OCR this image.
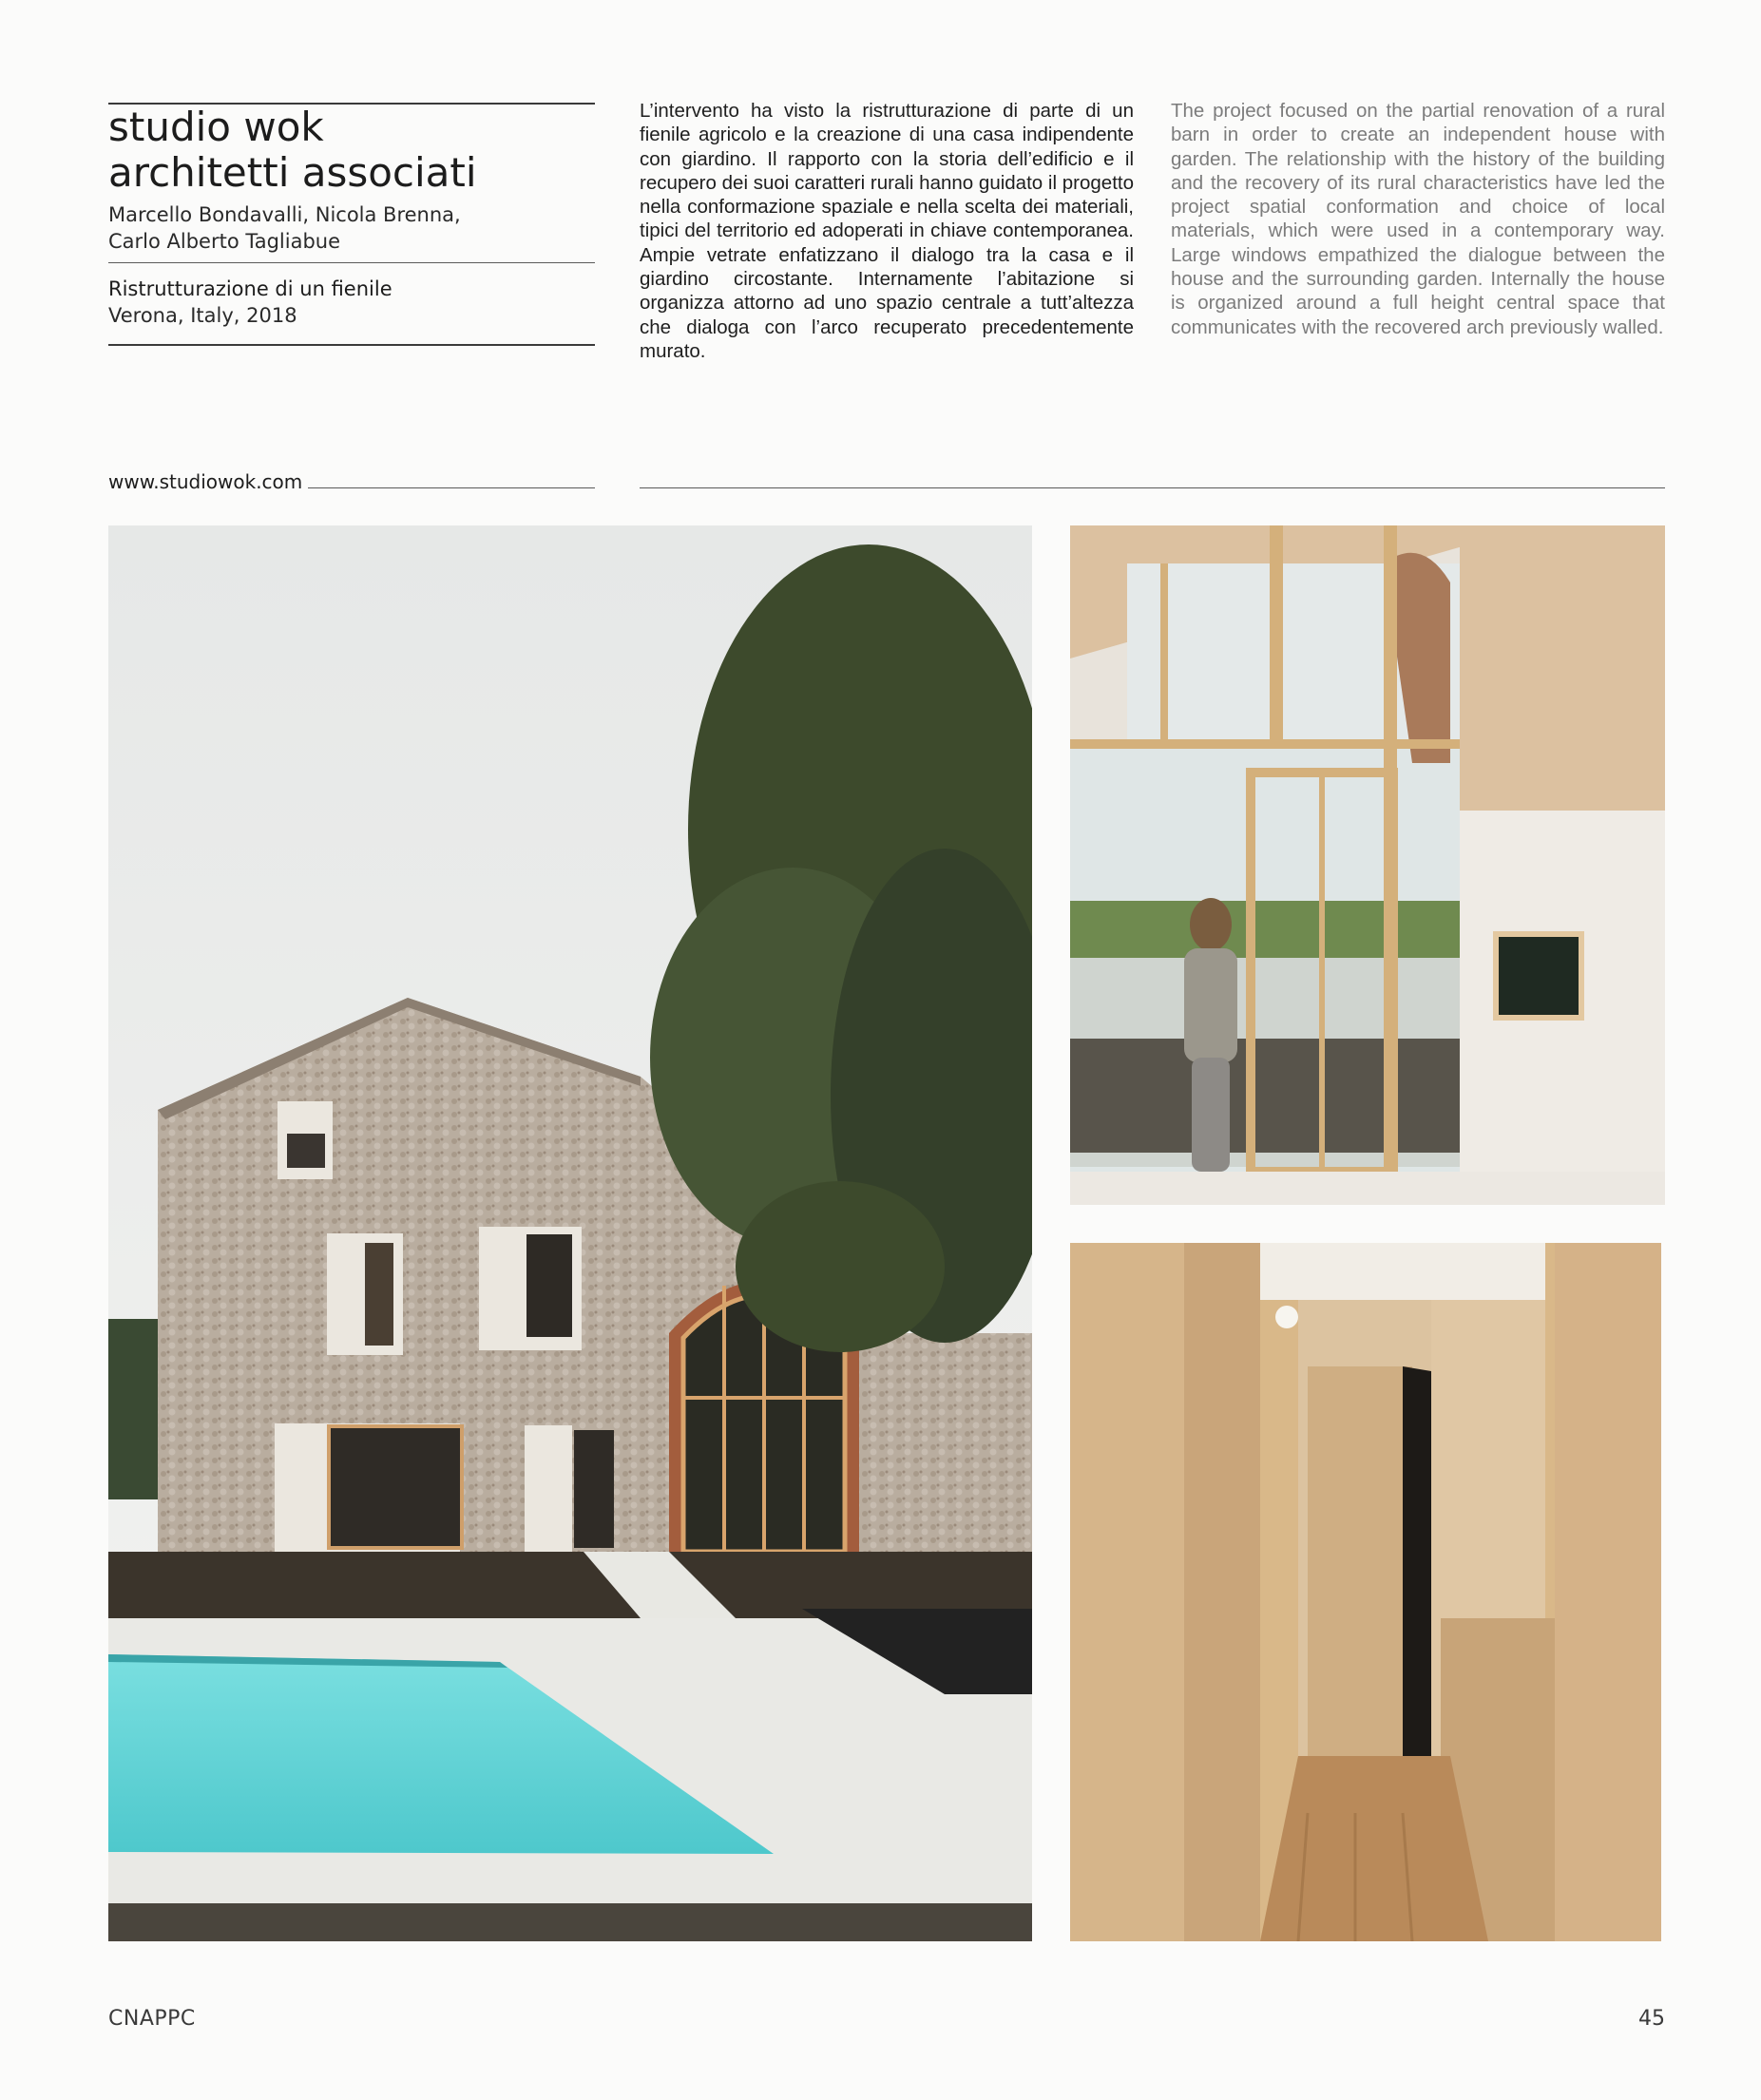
studio wok
architetti associati
Marcello Bondavalli, Nicola Brenna,
Carlo Alberto Tagliabue
Ristrutturazione di un fienile
Verona, Italy, 2018
www.studiowok.com

L’intervento ha visto la ristrutturazione di parte di un fienile agricolo e la creazione di una casa indipendente con giardino. Il rapporto con la storia dell’edificio e il recupero dei suoi caratteri rurali hanno guidato il progetto nella conformazione spaziale e nella scelta dei materiali, tipici del territorio ed adoperati in chiave contemporanea. Ampie vetrate enfatizzano il dialogo tra la casa e il giardino circostante. Internamente l’abitazione si organizza attorno ad uno spazio centrale a tutt’altezza che dialoga con l’arco recuperato precedentemente murato.

The project focused on the partial renovation of a rural barn in order to create an independent house with garden. The relationship with the history of the building and the recovery of its rural characteristics have led the project spatial conformation and choice of local materials, which were used in a contemporary way. Large windows empathized the dialogue between the house and the surrounding garden. Internally the house is organized around a full height central space that communicates with the recovered arch previously walled.

CNAPPC	45
